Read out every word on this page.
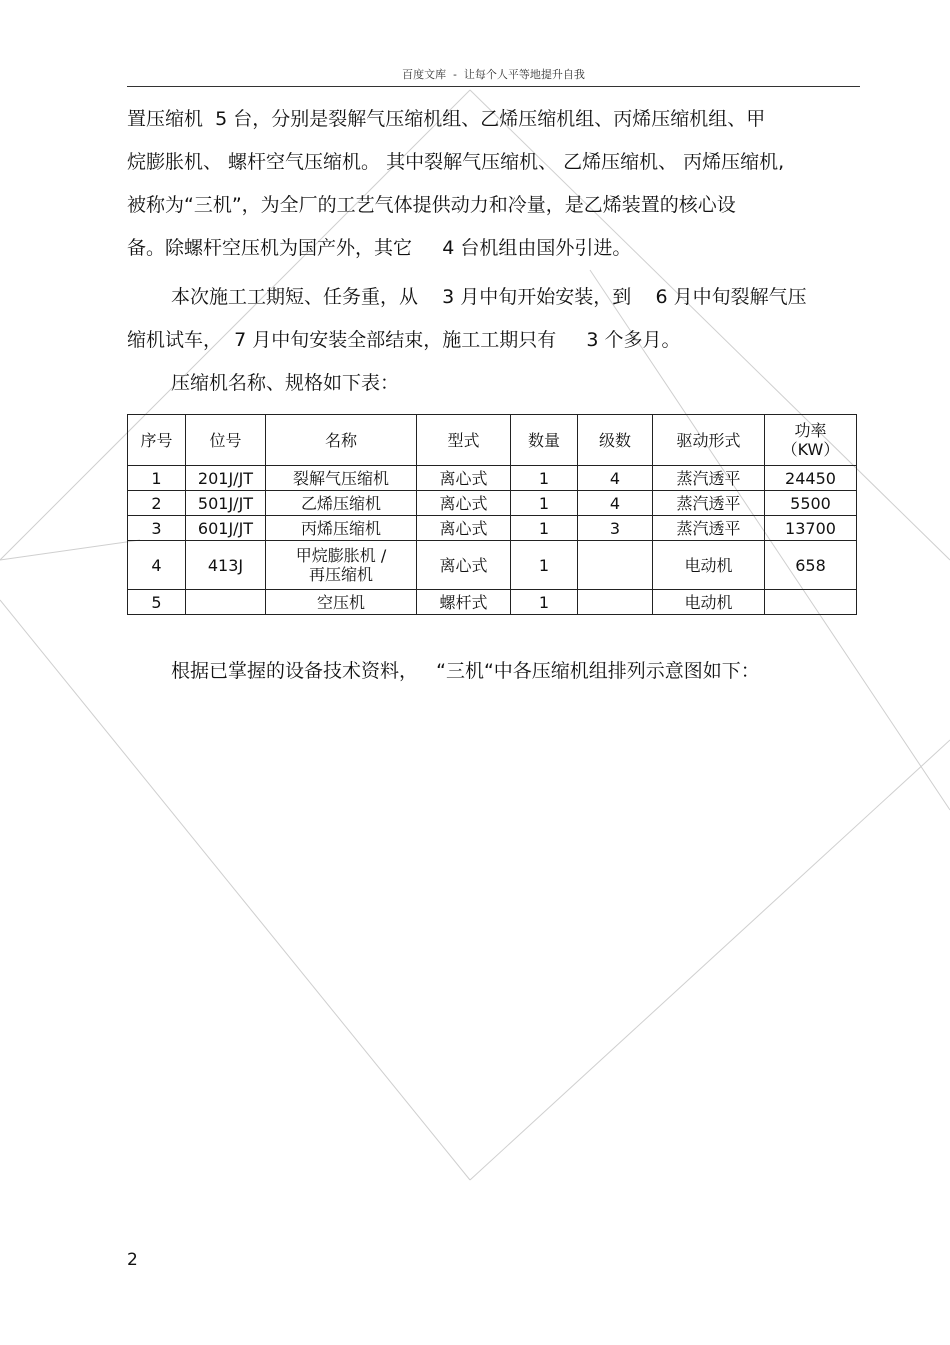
百度文库  -  让每个人平等地提升自我

置压缩机  5 台，分别是裂解气压缩机组、乙烯压缩机组、丙烯压缩机组、甲
烷膨胀机、 螺杆空气压缩机。 其中裂解气压缩机、 乙烯压缩机、 丙烯压缩机,
被称为“三机”，为全厂的工艺气体提供动力和冷量，是乙烯装置的核心设
备。除螺杆空压机为国产外，其它     4 台机组由国外引进。

本次施工工期短、任务重，从    3 月中旬开始安装，到    6 月中旬裂解气压
缩机试车，  7 月中旬安装全部结束，施工工期只有     3 个多月。

压缩机名称、规格如下表：

序号	位号	名称	型式	数量	级数	驱动形式	功率
（KW）
1	201J/JT	裂解气压缩机	离心式	1	4	蒸汽透平	24450
2	501J/JT	乙烯压缩机	离心式	1	4	蒸汽透平	5500
3	601J/JT	丙烯压缩机	离心式	1	3	蒸汽透平	13700
4	413J	甲烷膨胀机 /
再压缩机	离心式	1		电动机	658
5		空压机	螺杆式	1		电动机	

根据已掌握的设备技术资料，   “三机“中各压缩机组排列示意图如下：

2
